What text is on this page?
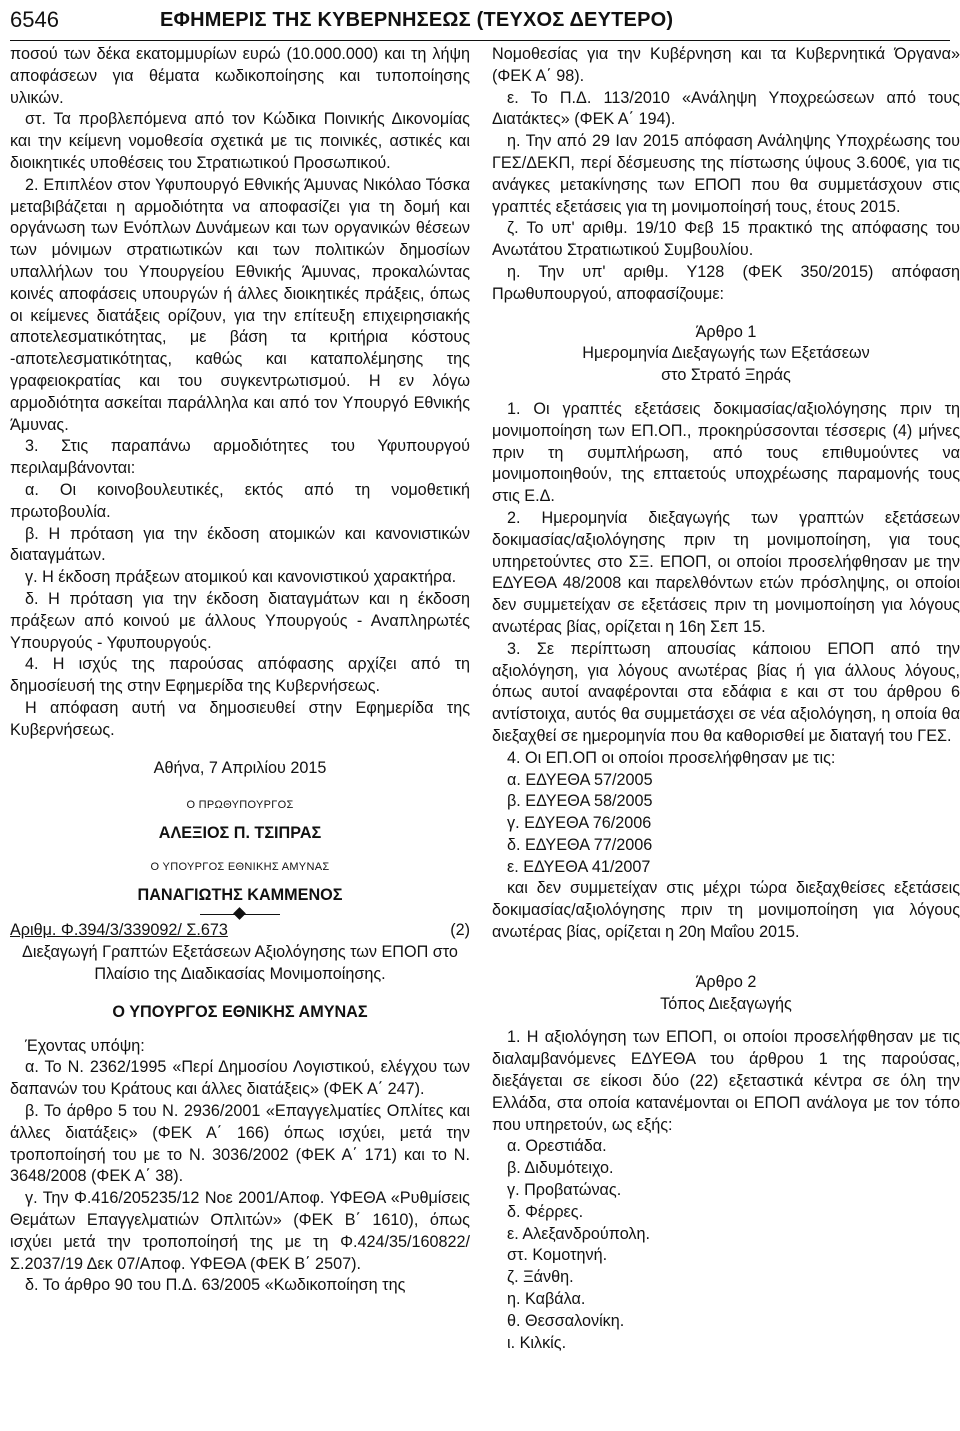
6546	ΕΦΗΜΕΡΙΣ ΤΗΣ ΚΥΒΕΡΝΗΣΕΩΣ (ΤΕΥΧΟΣ ΔΕΥΤΕΡΟ)

ποσού των δέκα εκατομμυρίων ευρώ (10.000.000) και τη λήψη αποφάσεων για θέματα κωδικοποίησης και τυποποίησης υλικών.

στ. Τα προβλεπόμενα από τον Κώδικα Ποινικής Δικονομίας και την κείμενη νομοθεσία σχετικά με τις ποινικές, αστικές και διοικητικές υποθέσεις του Στρατιωτικού Προσωπικού.

2. Επιπλέον στον Υφυπουργό Εθνικής Άμυνας Νικόλαο Τόσκα μεταβιβάζεται η αρμοδιότητα να αποφασίζει για τη δομή και οργάνωση των Ενόπλων Δυνάμεων και των οργανικών θέσεων των μόνιμων στρατιωτικών και των πολιτικών δημοσίων υπαλλήλων του Υπουργείου Εθνικής Άμυνας, προκαλώντας κοινές αποφάσεις υπουργών ή άλλες διοικητικές πράξεις, όπως οι κείμενες διατάξεις ορίζουν, για την επίτευξη επιχειρησιακής αποτελεσματικότητας, με βάση τα κριτήρια κόστους -αποτελεσματικότητας, καθώς και καταπολέμησης της γραφειοκρατίας και του συγκεντρωτισμού. Η εν λόγω αρμοδιότητα ασκείται παράλληλα και από τον Υπουργό Εθνικής Άμυνας.

3. Στις παραπάνω αρμοδιότητες του Υφυπουργού περιλαμβάνονται:

α. Οι κοινοβουλευτικές, εκτός από τη νομοθετική πρωτοβουλία.

β. Η πρόταση για την έκδοση ατομικών και κανονιστικών διαταγμάτων.

γ. Η έκδοση πράξεων ατομικού και κανονιστικού χαρακτήρα.

δ. Η πρόταση για την έκδοση διαταγμάτων και η έκδοση πράξεων από κοινού με άλλους Υπουργούς - Αναπληρωτές Υπουργούς - Υφυπουργούς.

4. Η ισχύς της παρούσας απόφασης αρχίζει από τη δημοσίευσή της στην Εφημερίδα της Κυβερνήσεως.

Η απόφαση αυτή να δημοσιευθεί στην Εφημερίδα της Κυβερνήσεως.

Αθήνα, 7 Απριλίου 2015

Ο ΠΡΩΘΥΠΟΥΡΓΟΣ

ΑΛΕΞΙΟΣ Π. ΤΣΙΠΡΑΣ

Ο ΥΠΟΥΡΓΟΣ ΕΘΝΙΚΗΣ ΑΜΥΝΑΣ

ΠΑΝΑΓΙΩΤΗΣ ΚΑΜΜΕΝΟΣ

Αριθμ. Φ.394/3/339092/ Σ.673	(2)

Διεξαγωγή Γραπτών Εξετάσεων Αξιολόγησης των ΕΠΟΠ στο Πλαίσιο της Διαδικασίας Μονιμοποίησης.

Ο ΥΠΟΥΡΓΟΣ ΕΘΝΙΚΗΣ ΑΜΥΝΑΣ

Έχοντας υπόψη:

α. Το Ν. 2362/1995 «Περί Δημοσίου Λογιστικού, ελέγχου των δαπανών του Κράτους και άλλες διατάξεις» (ΦΕΚ Α΄ 247).

β. Το άρθρο 5 του Ν. 2936/2001 «Επαγγελματίες Οπλίτες και άλλες διατάξεις» (ΦΕΚ Α΄ 166) όπως ισχύει, μετά την τροποποίησή του με το Ν. 3036/2002 (ΦΕΚ Α΄ 171) και το Ν. 3648/2008 (ΦΕΚ Α΄ 38).

γ. Την Φ.416/205235/12 Νοε 2001/Αποφ. ΥΦΕΘΑ «Ρυθμίσεις Θεμάτων Επαγγελματιών Οπλιτών» (ΦΕΚ Β΄ 1610), όπως ισχύει μετά την τροποποίησή της με τη Φ.424/35/160822/Σ.2037/19 Δεκ 07/Αποφ. ΥΦΕΘΑ (ΦΕΚ Β΄ 2507).

δ. Το άρθρο 90 του Π.Δ. 63/2005 «Κωδικοποίηση της

Νομοθεσίας για την Κυβέρνηση και τα Κυβερνητικά Όργανα» (ΦΕΚ Α΄ 98).

ε. Το Π.Δ. 113/2010 «Ανάληψη Υποχρεώσεων από τους Διατάκτες» (ΦΕΚ Α΄ 194).

η. Την από 29 Ιαν 2015 απόφαση Ανάληψης Υποχρέωσης του ΓΕΣ/ΔΕΚΠ, περί δέσμευσης της πίστωσης ύψους 3.600€, για τις ανάγκες μετακίνησης των ΕΠΟΠ που θα συμμετάσχουν στις γραπτές εξετάσεις για τη μονιμοποίησή τους, έτους 2015.

ζ. Το υπ' αριθμ. 19/10 Φεβ 15 πρακτικό της απόφασης του Ανωτάτου Στρατιωτικού Συμβουλίου.

η. Την υπ' αριθμ. Υ128 (ΦΕΚ 350/2015) απόφαση Πρωθυπουργού, αποφασίζουμε:

Άρθρο 1

Ημερομηνία Διεξαγωγής των Εξετάσεων

στο Στρατό Ξηράς

1. Οι γραπτές εξετάσεις δοκιμασίας/αξιολόγησης πριν τη μονιμοποίηση των ΕΠ.ΟΠ., προκηρύσσονται τέσσερις (4) μήνες πριν τη συμπλήρωση, από τους επιθυμούντες να μονιμοποιηθούν, της επταετούς υποχρέωσης παραμονής τους στις Ε.Δ.

2. Ημερομηνία διεξαγωγής των γραπτών εξετάσεων δοκιμασίας/αξιολόγησης πριν τη μονιμοποίηση, για τους υπηρετούντες στο ΣΞ. ΕΠΟΠ, οι οποίοι προσελήφθησαν με την ΕΔΥΕΘΑ 48/2008 και παρελθόντων ετών πρόσληψης, οι οποίοι δεν συμμετείχαν σε εξετάσεις πριν τη μονιμοποίηση για λόγους ανωτέρας βίας, ορίζεται η 16η Σεπ 15.

3. Σε περίπτωση απουσίας κάποιου ΕΠΟΠ από την αξιολόγηση, για λόγους ανωτέρας βίας ή για άλλους λόγους, όπως αυτοί αναφέρονται στα εδάφια ε και στ του άρθρου 6 αντίστοιχα, αυτός θα συμμετάσχει σε νέα αξιολόγηση, η οποία θα διεξαχθεί σε ημερομηνία που θα καθορισθεί με διαταγή του ΓΕΣ.

4. Οι ΕΠ.ΟΠ οι οποίοι προσελήφθησαν με τις:

α. ΕΔΥΕΘΑ 57/2005

β. ΕΔΥΕΘΑ 58/2005

γ. ΕΔΥΕΘΑ 76/2006

δ. ΕΔΥΕΘΑ 77/2006

ε. ΕΔΥΕΘΑ 41/2007

και δεν συμμετείχαν στις μέχρι τώρα διεξαχθείσες εξετάσεις δοκιμασίας/αξιολόγησης πριν τη μονιμοποίηση για λόγους ανωτέρας βίας, ορίζεται η 20η Μαΐου 2015.

Άρθρο 2

Τόπος Διεξαγωγής

1. Η αξιολόγηση των ΕΠΟΠ, οι οποίοι προσελήφθησαν με τις διαλαμβανόμενες ΕΔΥΕΘΑ του άρθρου 1 της παρούσας, διεξάγεται σε είκοσι δύο (22) εξεταστικά κέντρα σε όλη την Ελλάδα, στα οποία κατανέμονται οι ΕΠΟΠ ανάλογα με τον τόπο που υπηρετούν, ως εξής:

α. Ορεστιάδα.

β. Διδυμότειχο.

γ. Προβατώνας.

δ. Φέρρες.

ε. Αλεξανδρούπολη.

στ. Κομοτηνή.

ζ. Ξάνθη.

η. Καβάλα.

θ. Θεσσαλονίκη.

ι. Κιλκίς.
